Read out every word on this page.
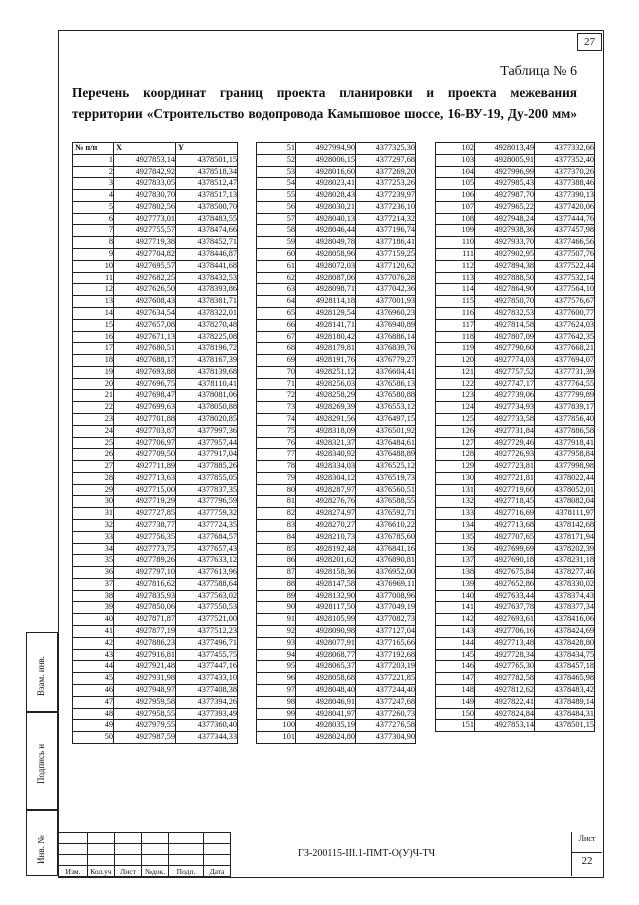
27
Таблица № 6
Перечень координат границ проекта планировки и проекта межевания
территории «Строительство водопровода Камышовое шоссе, 16-ВУ-19, Ду-200 мм»
№ п/п	X	Y
1	4927853,14	4378501,15
2	4927842,92	4378518,34
3	4927833,05	4378512,47
4	4927830,70	4378517,13
5	4927802,56	4378500,70
6	4927773,01	4378483,55
7	4927755,57	4378474,66
8	4927719,38	4378452,71
9	4927704,82	4378446,87
10	4927695,57	4378441,68
11	4927682,25	4378432,53
12	4927626,50	4378393,86
13	4927608,43	4378381,71
14	4927634,54	4378322,01
15	4927657,08	4378270,48
16	4927671,13	4378225,08
17	4927680,51	4378196,72
18	4927688,17	4378167,39
19	4927693,88	4378139,68
20	4927696,75	4378110,41
21	4927698,47	4378081,06
22	4927699,63	4378050,88
23	4927701,88	4378020,85
24	4927703,87	4377997,36
25	4927706,97	4377957,44
26	4927709,50	4377917,04
27	4927711,89	4377885,26
28	4927713,63	4377855,05
29	4927715,00	4377837,35
30	4927719,29	4377796,59
31	4927727,85	4377759,32
32	4927738,77	4377724,35
33	4927756,35	4377684,57
34	4927773,75	4377657,43
35	4927789,26	4377633,12
36	4927797,10	4377613,96
37	4927816,62	4377588,64
38	4927835,93	4377563,02
39	4927850,06	4377550,53
40	4927871,87	4377521,00
41	4927877,19	4377512,23
42	4927886,23	4377496,71
43	4927916,81	4377455,75
44	4927921,48	4377447,16
45	4927931,98	4377433,10
46	4927948,97	4377408,38
47	4927959,58	4377394,26
48	4927958,55	4377393,49
49	4927979,55	4377360,40
50	4927987,59	4377344,33
51	4927994,90	4377325,30
52	4928006,15	4377297,68
53	4928016,60	4377269,20
54	4928023,41	4377253,26
55	4928028,43	4377239,97
56	4928030,21	4377236,10
57	4928040,13	4377214,32
58	4928046,44	4377196,74
59	4928049,78	4377186,41
60	4928058,96	4377159,25
61	4928072,03	4377120,62
62	4928087,06	4377076,28
63	4928098,71	4377042,36
64	4928114,18	4377001,93
65	4928129,54	4376960,23
66	4928141,71	4376940,89
67	4928180,42	4376886,14
68	4928179,81	4376839,76
69	4928191,76	4376779,27
70	4928251,12	4376604,41
71	4928256,03	4376586,13
72	4928258,29	4376580,88
73	4928269,39	4376553,12
74	4928291,56	4376497,15
75	4928318,09	4376501,92
76	4928321,37	4376484,61
77	4928340,92	4376488,89
78	4928334,03	4376525,12
79	4928304,12	4376519,73
80	4928287,97	4376560,51
81	4928276,76	4376588,55
82	4928274,97	4376592,71
83	4928270,27	4376610,22
84	4928210,73	4376785,60
85	4928192,48	4376841,16
86	4928201,62	4376890,81
87	4928158,36	4376952,00
88	4928147,58	4376969,11
89	4928132,90	4377008,96
90	4928117,50	4377049,19
91	4928105,99	4377082,73
92	4928090,98	4377127,04
93	4928077,91	4377165,66
94	4928068,77	4377192,68
95	4928065,37	4377203,19
96	4928058,68	4377221,85
97	4928048,40	4377244,40
98	4928046,91	4377247,68
99	4928041,97	4377260,73
100	4928035,19	4377276,58
101	4928024,80	4377304,90
102	4928013,49	4377332,66
103	4928005,91	4377352,40
104	4927996,99	4377370,26
105	4927985,43	4377388,46
106	4927987,70	4377390,13
107	4927965,22	4377420,06
108	4927948,24	4377444,76
109	4927938,36	4377457,98
110	4927933,70	4377466,56
111	4927902,95	4377507,76
112	4927894,38	4377522,44
113	4927888,50	4377532,14
114	4927864,90	4377564,10
115	4927850,70	4377576,67
116	4927832,53	4377600,77
117	4927814,58	4377624,03
118	4927807,09	4377642,35
119	4927790,60	4377668,21
120	4927774,03	4377694,07
121	4927757,52	4377731,39
122	4927747,17	4377764,55
123	4927739,06	4377799,89
124	4927734,93	4377839,17
125	4927733,58	4377856,40
126	4927731,84	4377886,58
127	4927729,46	4377918,41
128	4927726,93	4377958,84
129	4927723,81	4377998,98
130	4927721,81	4378022,44
131	4927719,60	4378052,01
132	4927718,45	4378082,04
133	4927716,69	4378111,97
134	4927713,68	4378142,68
135	4927707,65	4378171,94
136	4927699,69	4378202,39
137	4927690,18	4378231,18
138	4927675,84	4378277,46
139	4927652,86	4378330,02
140	4927633,44	4378374,43
141	4927637,78	4378377,34
142	4927693,61	4378416,06
143	4927706,16	4378424,69
144	4927713,48	4378428,80
145	4927728,34	4378434,75
146	4927765,30	4378457,18
147	4927782,58	4378465,98
148	4927812,62	4378483,42
149	4927822,41	4378489,14
150	4927824,84	4378484,31
151	4927853,14	4378501,15
Взам. инв.
Подпись и
Инв. №

Изм.	Кол.уч	Лист	№док.	Подп.	Дата
ГЗ-200115-III.1-ПМТ-О(У)Ч-ТЧ
Лист
22
